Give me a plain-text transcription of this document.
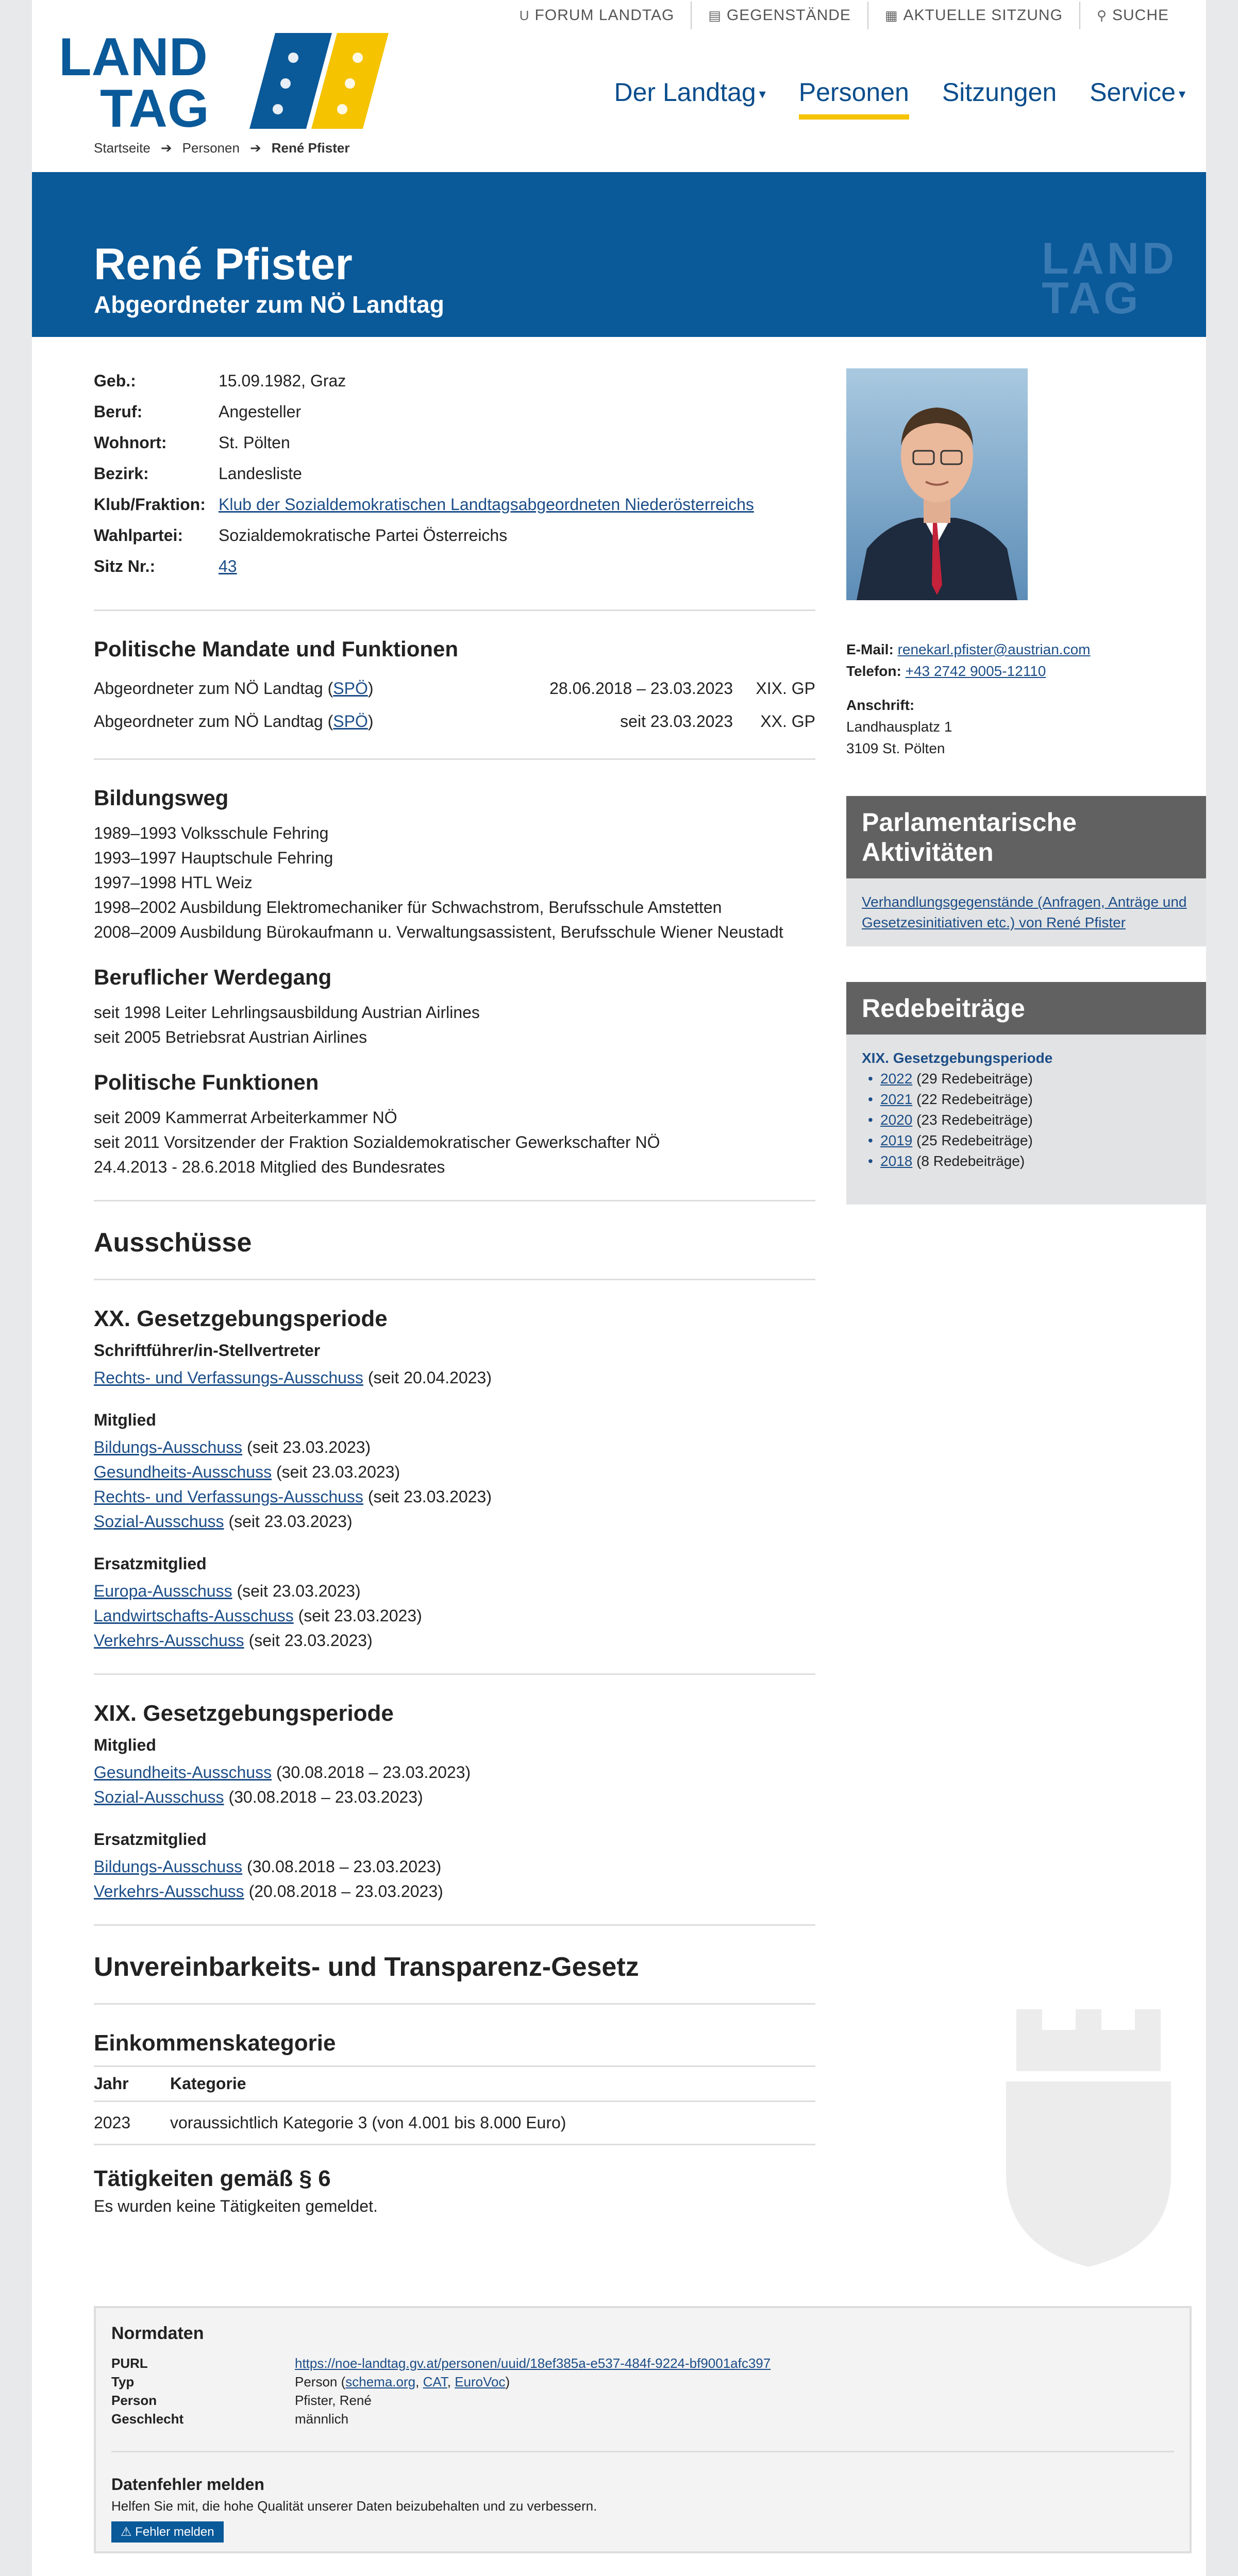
LAND
TAG
U FORUM LANDTAG	▤ GEGENSTÄNDE	▦ AKTUELLE SITZUNG	⚲ SUCHE
Der Landtag ▾ Personen Sitzungen Service ▾
Startseite ➔ Personen ➔ René Pfister
René Pfister
Abgeordneter zum NÖ Landtag
LAND
TAG
Geb.:	15.09.1982, Graz
Beruf:	Angesteller
Wohnort:	St. Pölten
Bezirk:	Landesliste
Klub/Fraktion: Klub der Sozialdemokratischen Landtagsabgeordneten Niederösterreichs
Wahlpartei:	Sozialdemokratische Partei Österreichs
Sitz Nr.:	43
Politische Mandate und Funktionen
Abgeordneter zum NÖ Landtag (SPÖ)	28.06.2018 – 23.03.2023	XIX. GP
Abgeordneter zum NÖ Landtag (SPÖ)	seit 23.03.2023	XX. GP
Bildungsweg
1989–1993 Volksschule Fehring
1993–1997 Hauptschule Fehring
1997–1998 HTL Weiz
1998–2002 Ausbildung Elektromechaniker für Schwachstrom, Berufsschule Amstetten
2008–2009 Ausbildung Bürokaufmann u. Verwaltungsassistent, Berufsschule Wiener Neustadt
Beruflicher Werdegang
seit 1998 Leiter Lehrlingsausbildung Austrian Airlines
seit 2005 Betriebsrat Austrian Airlines
Politische Funktionen
seit 2009 Kammerrat Arbeiterkammer NÖ
seit 2011 Vorsitzender der Fraktion Sozialdemokratischer Gewerkschafter NÖ
24.4.2013 - 28.6.2018 Mitglied des Bundesrates
Ausschüsse
XX. Gesetzgebungsperiode
Schriftführer/in-Stellvertreter
Rechts- und Verfassungs-Ausschuss (seit 20.04.2023)
Mitglied
Bildungs-Ausschuss (seit 23.03.2023)
Gesundheits-Ausschuss (seit 23.03.2023)
Rechts- und Verfassungs-Ausschuss (seit 23.03.2023)
Sozial-Ausschuss (seit 23.03.2023)
Ersatzmitglied
Europa-Ausschuss (seit 23.03.2023)
Landwirtschafts-Ausschuss (seit 23.03.2023)
Verkehrs-Ausschuss (seit 23.03.2023)
XIX. Gesetzgebungsperiode
Mitglied
Gesundheits-Ausschuss (30.08.2018 – 23.03.2023)
Sozial-Ausschuss (30.08.2018 – 23.03.2023)
Ersatzmitglied
Bildungs-Ausschuss (30.08.2018 – 23.03.2023)
Verkehrs-Ausschuss (20.08.2018 – 23.03.2023)
Unvereinbarkeits- und Transparenz-Gesetz
Einkommenskategorie
Jahr	Kategorie
2023	voraussichtlich Kategorie 3 (von 4.001 bis 8.000 Euro)
Tätigkeiten gemäß § 6
Es wurden keine Tätigkeiten gemeldet.
E-Mail: renekarl.pfister@austrian.com
Telefon: +43 2742 9005-12110
Anschrift:
Landhausplatz 1
3109 St. Pölten
Parlamentarische Aktivitäten
Verhandlungsgegenstände (Anfragen, Anträge und Gesetzesinitiativen etc.) von René Pfister
Redebeiträge
XIX. Gesetzgebungsperiode
• 2022 (29 Redebeiträge)
• 2021 (22 Redebeiträge)
• 2020 (23 Redebeiträge)
• 2019 (25 Redebeiträge)
• 2018 (8 Redebeiträge)
Normdaten
PURL	https://noe-landtag.gv.at/personen/uuid/18ef385a-e537-484f-9224-bf9001afc397
Typ	Person (schema.org, CAT, EuroVoc)
Person	Pfister, René
Geschlecht	männlich
Datenfehler melden
Helfen Sie mit, die hohe Qualität unserer Daten beizubehalten und zu verbessern.
⚠ Fehler melden
